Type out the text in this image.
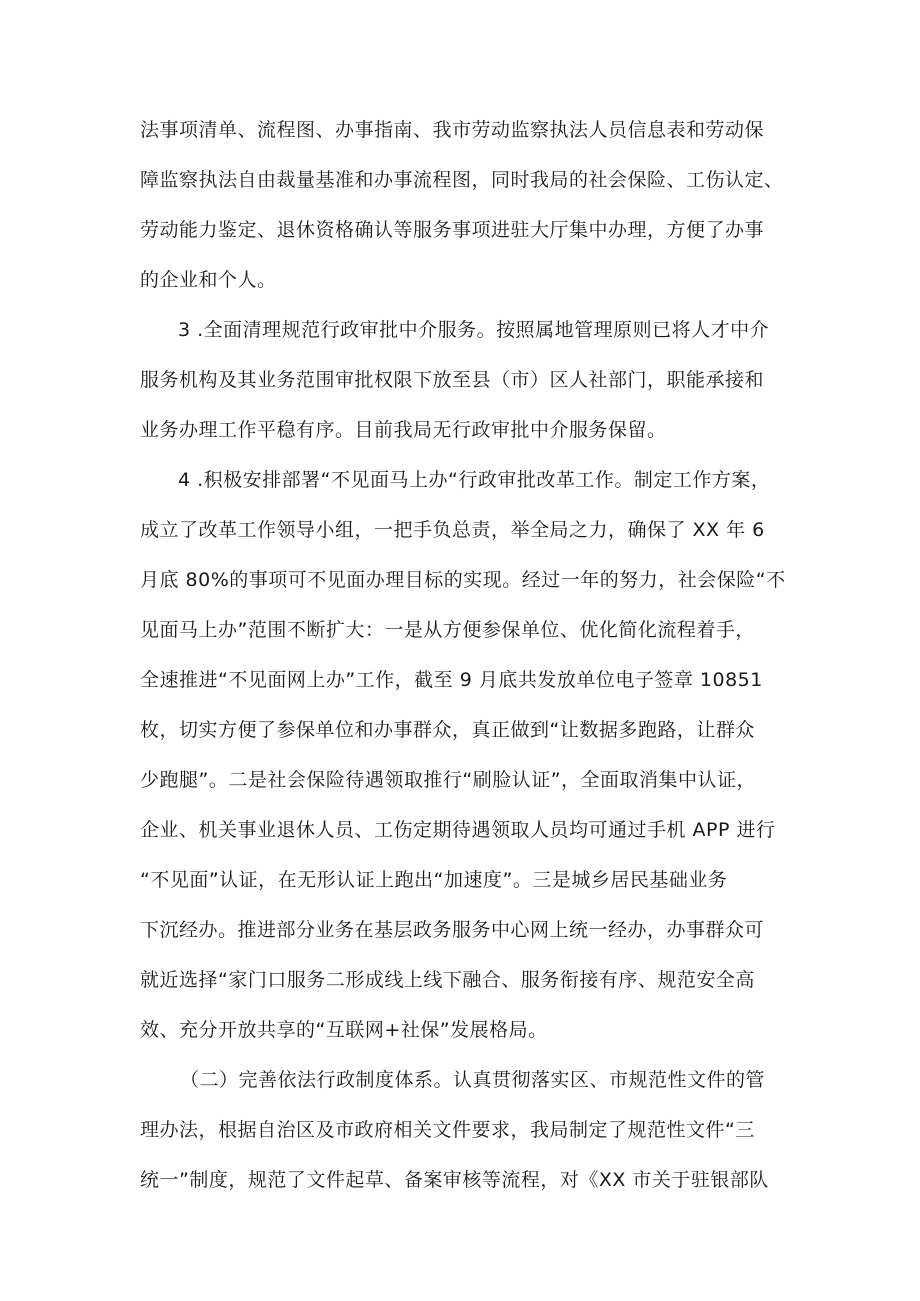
法事项清单、流程图、办事指南、我市劳动监察执法人员信息表和劳动保

障监察执法自由裁量基准和办事流程图，同时我局的社会保险、工伤认定、

劳动能力鉴定、退休资格确认等服务事项进驻大厅集中办理，方便了办事

的企业和个人。

3 .全面清理规范行政审批中介服务。按照属地管理原则已将人才中介

服务机构及其业务范围审批权限下放至县（市）区人社部门，职能承接和

业务办理工作平稳有序。目前我局无行政审批中介服务保留。

4 .积极安排部署“不见面马上办“行政审批改革工作。制定工作方案，

成立了改革工作领导小组，一把手负总责，举全局之力，确保了 XX 年 6

月底 80%的事项可不见面办理目标的实现。经过一年的努力，社会保险“不

见面马上办”范围不断扩大：一是从方便参保单位、优化简化流程着手，

全速推进“不见面网上办”工作，截至 9 月底共发放单位电子签章 10851

枚，切实方便了参保单位和办事群众，真正做到“让数据多跑路，让群众

少跑腿”。二是社会保险待遇领取推行“刷脸认证”，全面取消集中认证，

企业、机关事业退休人员、工伤定期待遇领取人员均可通过手机 APP 进行

“不见面”认证，在无形认证上跑出“加速度”。三是城乡居民基础业务

下沉经办。推进部分业务在基层政务服务中心网上统一经办，办事群众可

就近选择“家门口服务二形成线上线下融合、服务衔接有序、规范安全高

效、充分开放共享的“互联网+社保”发展格局。

（二）完善依法行政制度体系。认真贯彻落实区、市规范性文件的管

理办法，根据自治区及市政府相关文件要求，我局制定了规范性文件“三

统一”制度，规范了文件起草、备案审核等流程，对《XX 市关于驻银部队
